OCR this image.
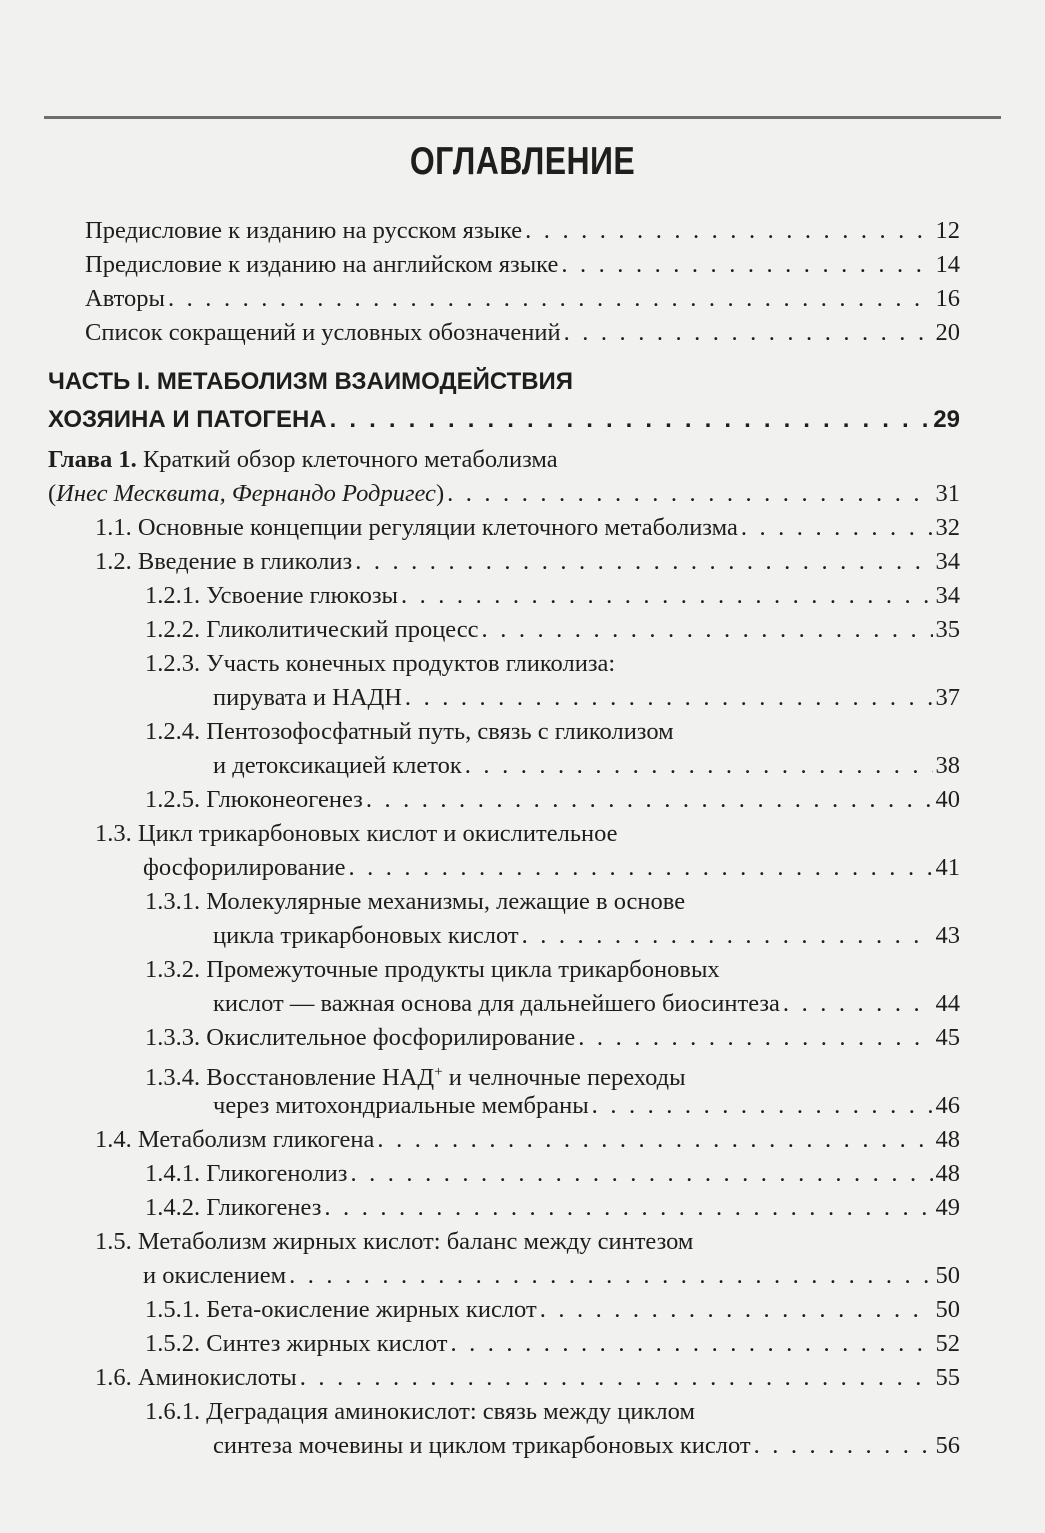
ОГЛАВЛЕНИЕ
Предисловие к изданию на русском языке . . .	12
Предисловие к изданию на английском языке . . .	14
Авторы . . .	16
Список сокращений и условных обозначений . . .	20
ЧАСТЬ I. МЕТАБОЛИЗМ ВЗАИМОДЕЙСТВИЯ
ХОЗЯИНА И ПАТОГЕНА . . .	29
Глава 1. Краткий обзор клеточного метаболизма
(Инес Месквита, Фернандо Родригес) . . .	31
1.1. Основные концепции регуляции клеточного метаболизма . . .	32
1.2. Введение в гликолиз . . .	34
1.2.1. Усвоение глюкозы . . .	34
1.2.2. Гликолитический процесс . . .	35
1.2.3. Участь конечных продуктов гликолиза:
пирувата и НАДН . . .	37
1.2.4. Пентозофосфатный путь, связь с гликолизом
и детоксикацией клеток . . .	38
1.2.5. Глюконеогенез . . .	40
1.3. Цикл трикарбоновых кислот и окислительное
фосфорилирование . . .	41
1.3.1. Молекулярные механизмы, лежащие в основе
цикла трикарбоновых кислот . . .	43
1.3.2. Промежуточные продукты цикла трикарбоновых
кислот — важная основа для дальнейшего биосинтеза . . .	44
1.3.3. Окислительное фосфорилирование . . .	45
1.3.4. Восстановление НАД+ и челночные переходы
через митохондриальные мембраны . . .	46
1.4. Метаболизм гликогена . . .	48
1.4.1. Гликогенолиз . . .	48
1.4.2. Гликогенез . . .	49
1.5. Метаболизм жирных кислот: баланс между синтезом
и окислением . . .	50
1.5.1. Бета-окисление жирных кислот . . .	50
1.5.2. Синтез жирных кислот . . .	52
1.6. Аминокислоты . . .	55
1.6.1. Деградация аминокислот: связь между циклом
синтеза мочевины и циклом трикарбоновых кислот . . .	56
